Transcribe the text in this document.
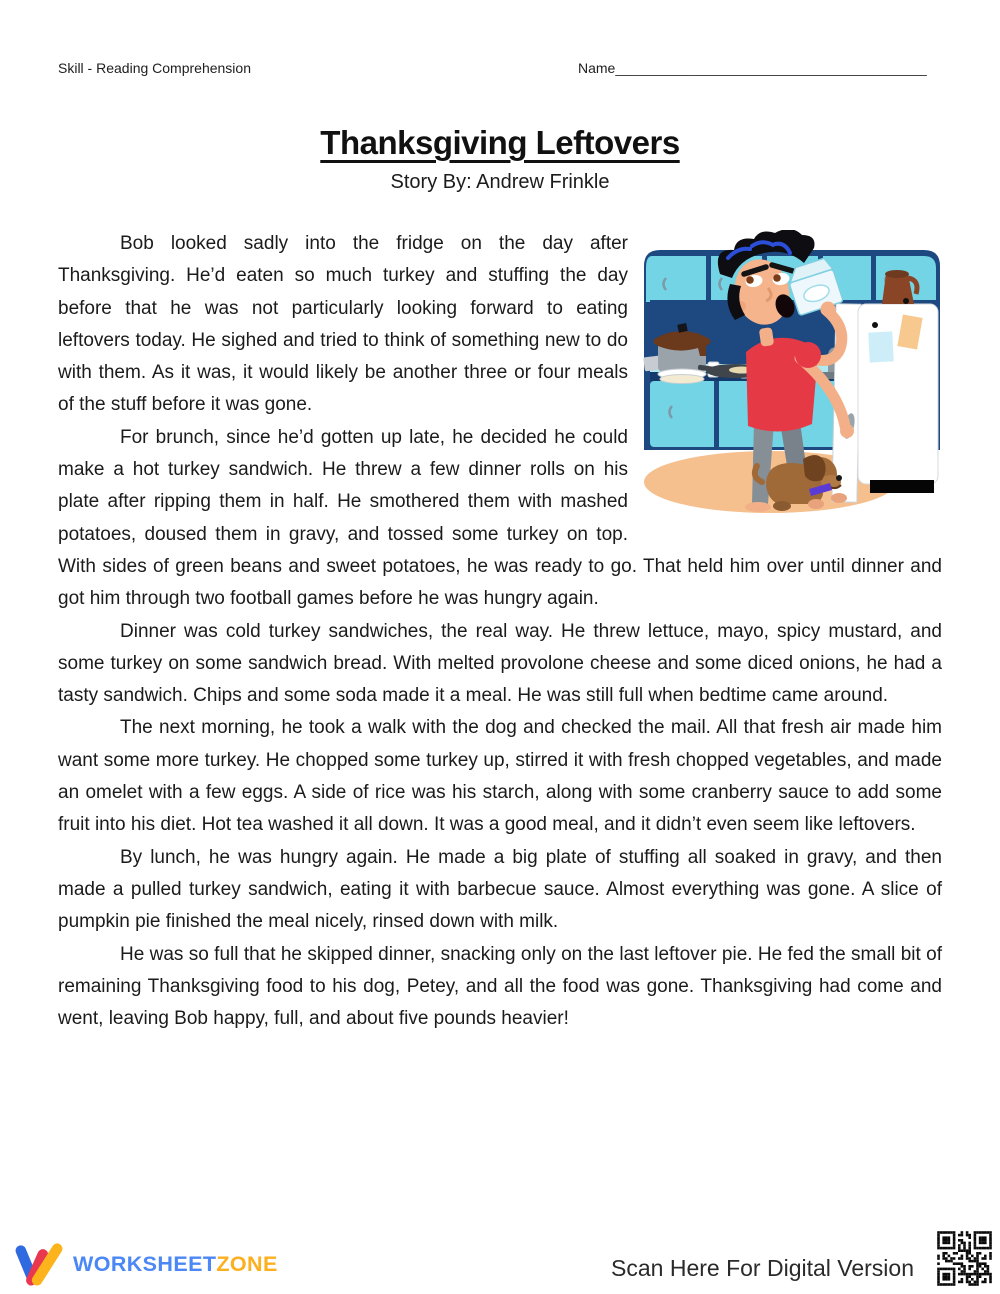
Skill - Reading Comprehension	Name________________________________________
Thanksgiving Leftovers
Story By: Andrew Frinkle

Bob looked sadly into the fridge on the day after Thanksgiving. He’d eaten so much turkey and stuffing the day before that he was not particularly looking forward to eating leftovers today. He sighed and tried to think of something new to do with them. As it was, it would likely be another three or four meals of the stuff before it was gone.

For brunch, since he’d gotten up late, he decided he could make a hot turkey sandwich. He threw a few dinner rolls on his plate after ripping them in half. He smothered them with mashed potatoes, doused them in gravy, and tossed some turkey on top. With sides of green beans and sweet potatoes, he was ready to go. That held him over until dinner and got him through two football games before he was hungry again.

Dinner was cold turkey sandwiches, the real way. He threw lettuce, mayo, spicy mustard, and some turkey on some sandwich bread. With melted provolone cheese and some diced onions, he had a tasty sandwich. Chips and some soda made it a meal. He was still full when bedtime came around.

The next morning, he took a walk with the dog and checked the mail. All that fresh air made him want some more turkey. He chopped some turkey up, stirred it with fresh chopped vegetables, and made an omelet with a few eggs. A side of rice was his starch, along with some cranberry sauce to add some fruit into his diet. Hot tea washed it all down. It was a good meal, and it didn’t even seem like leftovers.

By lunch, he was hungry again. He made a big plate of stuffing all soaked in gravy, and then made a pulled turkey sandwich, eating it with barbecue sauce. Almost everything was gone. A slice of pumpkin pie finished the meal nicely, rinsed down with milk.

He was so full that he skipped dinner, snacking only on the last leftover pie. He fed the small bit of remaining Thanksgiving food to his dog, Petey, and all the food was gone. Thanksgiving had come and went, leaving Bob happy, full, and about five pounds heavier!

WORKSHEETZONE	Scan Here For Digital Version
